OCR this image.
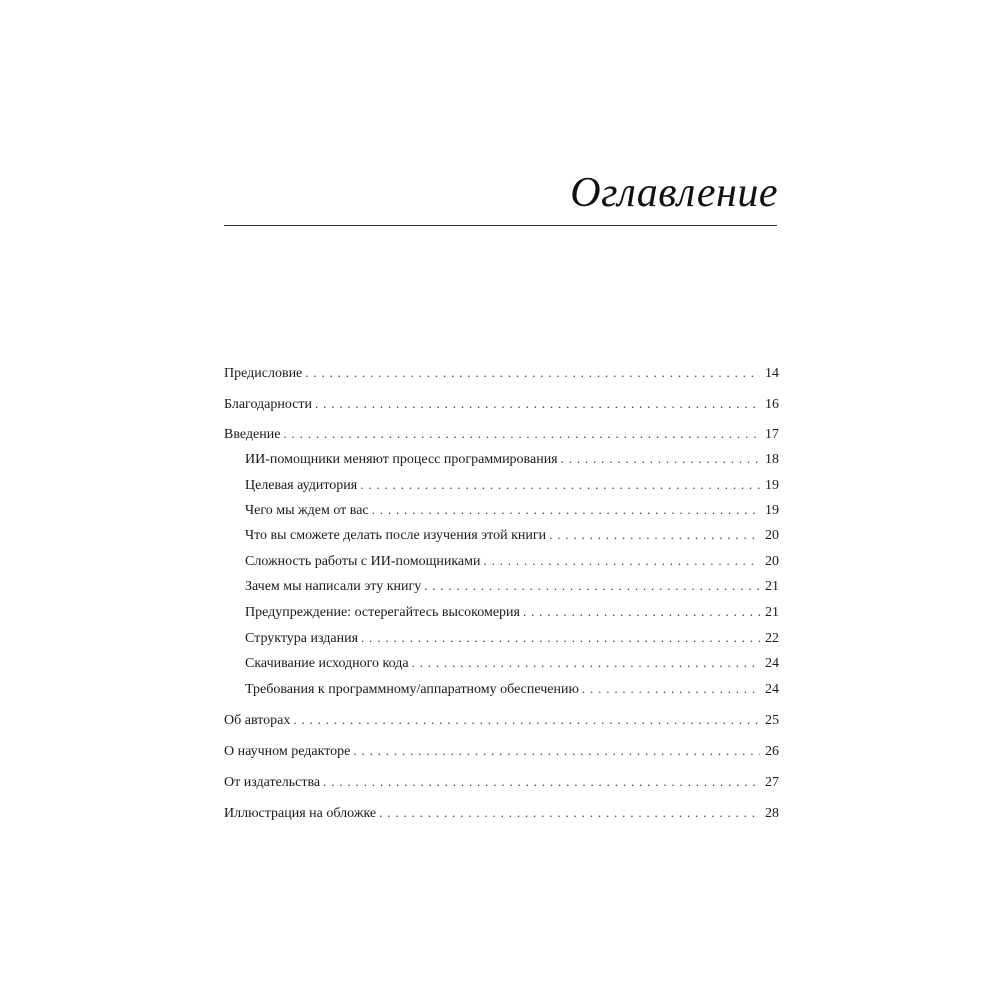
Оглавление
Предисловие . . .	14
Благодарности . . .	16
Введение . . .	17
ИИ-помощники меняют процесс программирования . . .	18
Целевая аудитория . . .	19
Чего мы ждем от вас . . .	19
Что вы сможете делать после изучения этой книги . . .	20
Сложность работы с ИИ-помощниками . . .	20
Зачем мы написали эту книгу . . .	21
Предупреждение: остерегайтесь высокомерия . . .	21
Структура издания . . .	22
Скачивание исходного кода . . .	24
Требования к программному/аппаратному обеспечению . . .	24
Об авторах . . .	25
О научном редакторе . . .	26
От издательства . . .	27
Иллюстрация на обложке . . .	28
